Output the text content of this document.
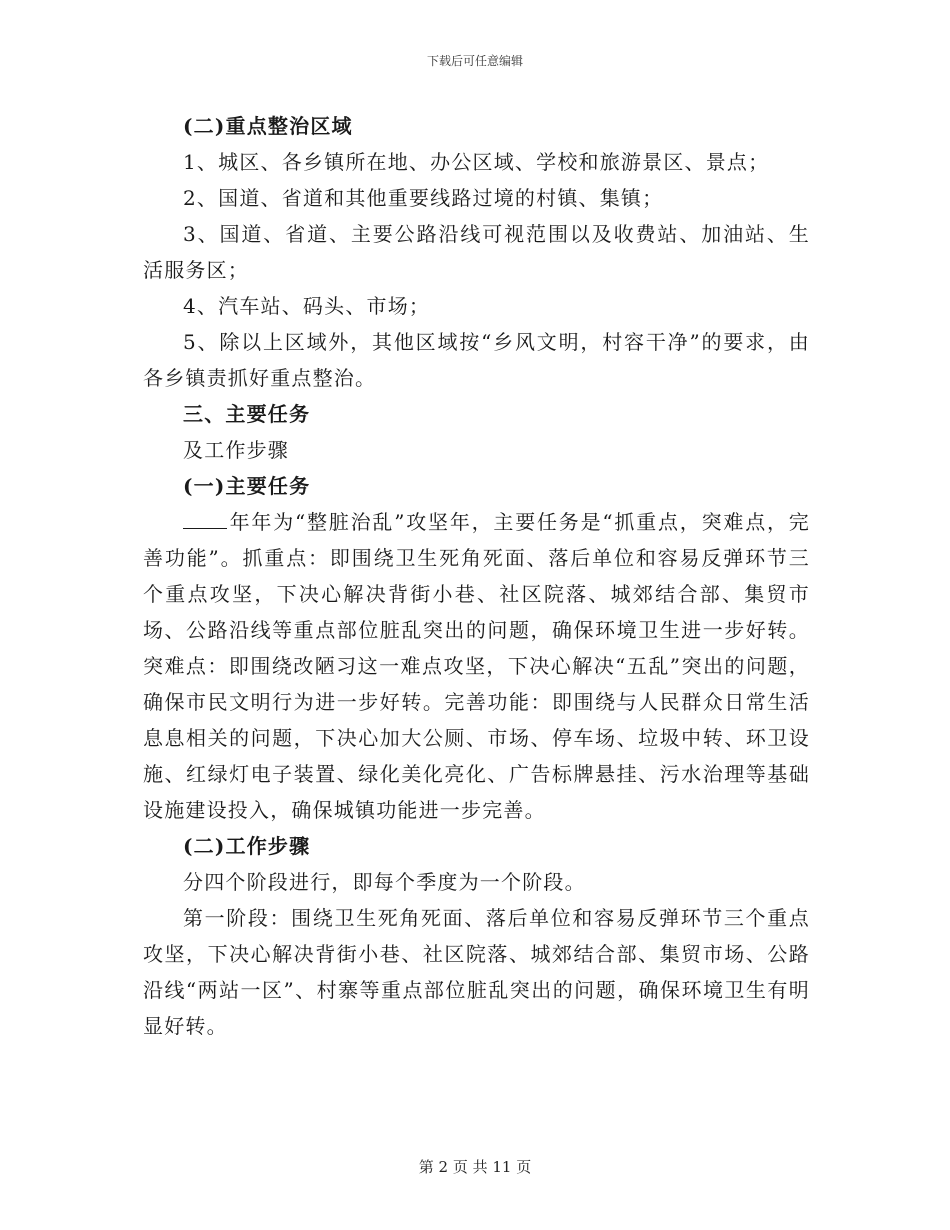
下载后可任意编辑

(二)重点整治区域

1、城区、各乡镇所在地、办公区域、学校和旅游景区、景点；

2、国道、省道和其他重要线路过境的村镇、集镇；

3、国道、省道、主要公路沿线可视范围以及收费站、加油站、生活服务区；

4、汽车站、码头、市场；

5、除以上区域外，其他区域按“乡风文明，村容干净”的要求，由各乡镇责抓好重点整治。

三、主要任务

及工作步骤

(一)主要任务

年年为“整脏治乱”攻坚年，主要任务是“抓重点，突难点，完善功能”。抓重点：即围绕卫生死角死面、落后单位和容易反弹环节三个重点攻坚，下决心解决背街小巷、社区院落、城郊结合部、集贸市场、公路沿线等重点部位脏乱突出的问题，确保环境卫生进一步好转。突难点：即围绕改陋习这一难点攻坚，下决心解决“五乱”突出的问题，确保市民文明行为进一步好转。完善功能：即围绕与人民群众日常生活息息相关的问题，下决心加大公厕、市场、停车场、垃圾中转、环卫设施、红绿灯电子装置、绿化美化亮化、广告标牌悬挂、污水治理等基础设施建设投入，确保城镇功能进一步完善。

(二)工作步骤

分四个阶段进行，即每个季度为一个阶段。

第一阶段：围绕卫生死角死面、落后单位和容易反弹环节三个重点攻坚，下决心解决背街小巷、社区院落、城郊结合部、集贸市场、公路沿线“两站一区”、村寨等重点部位脏乱突出的问题，确保环境卫生有明显好转。

第 2 页 共 11 页
